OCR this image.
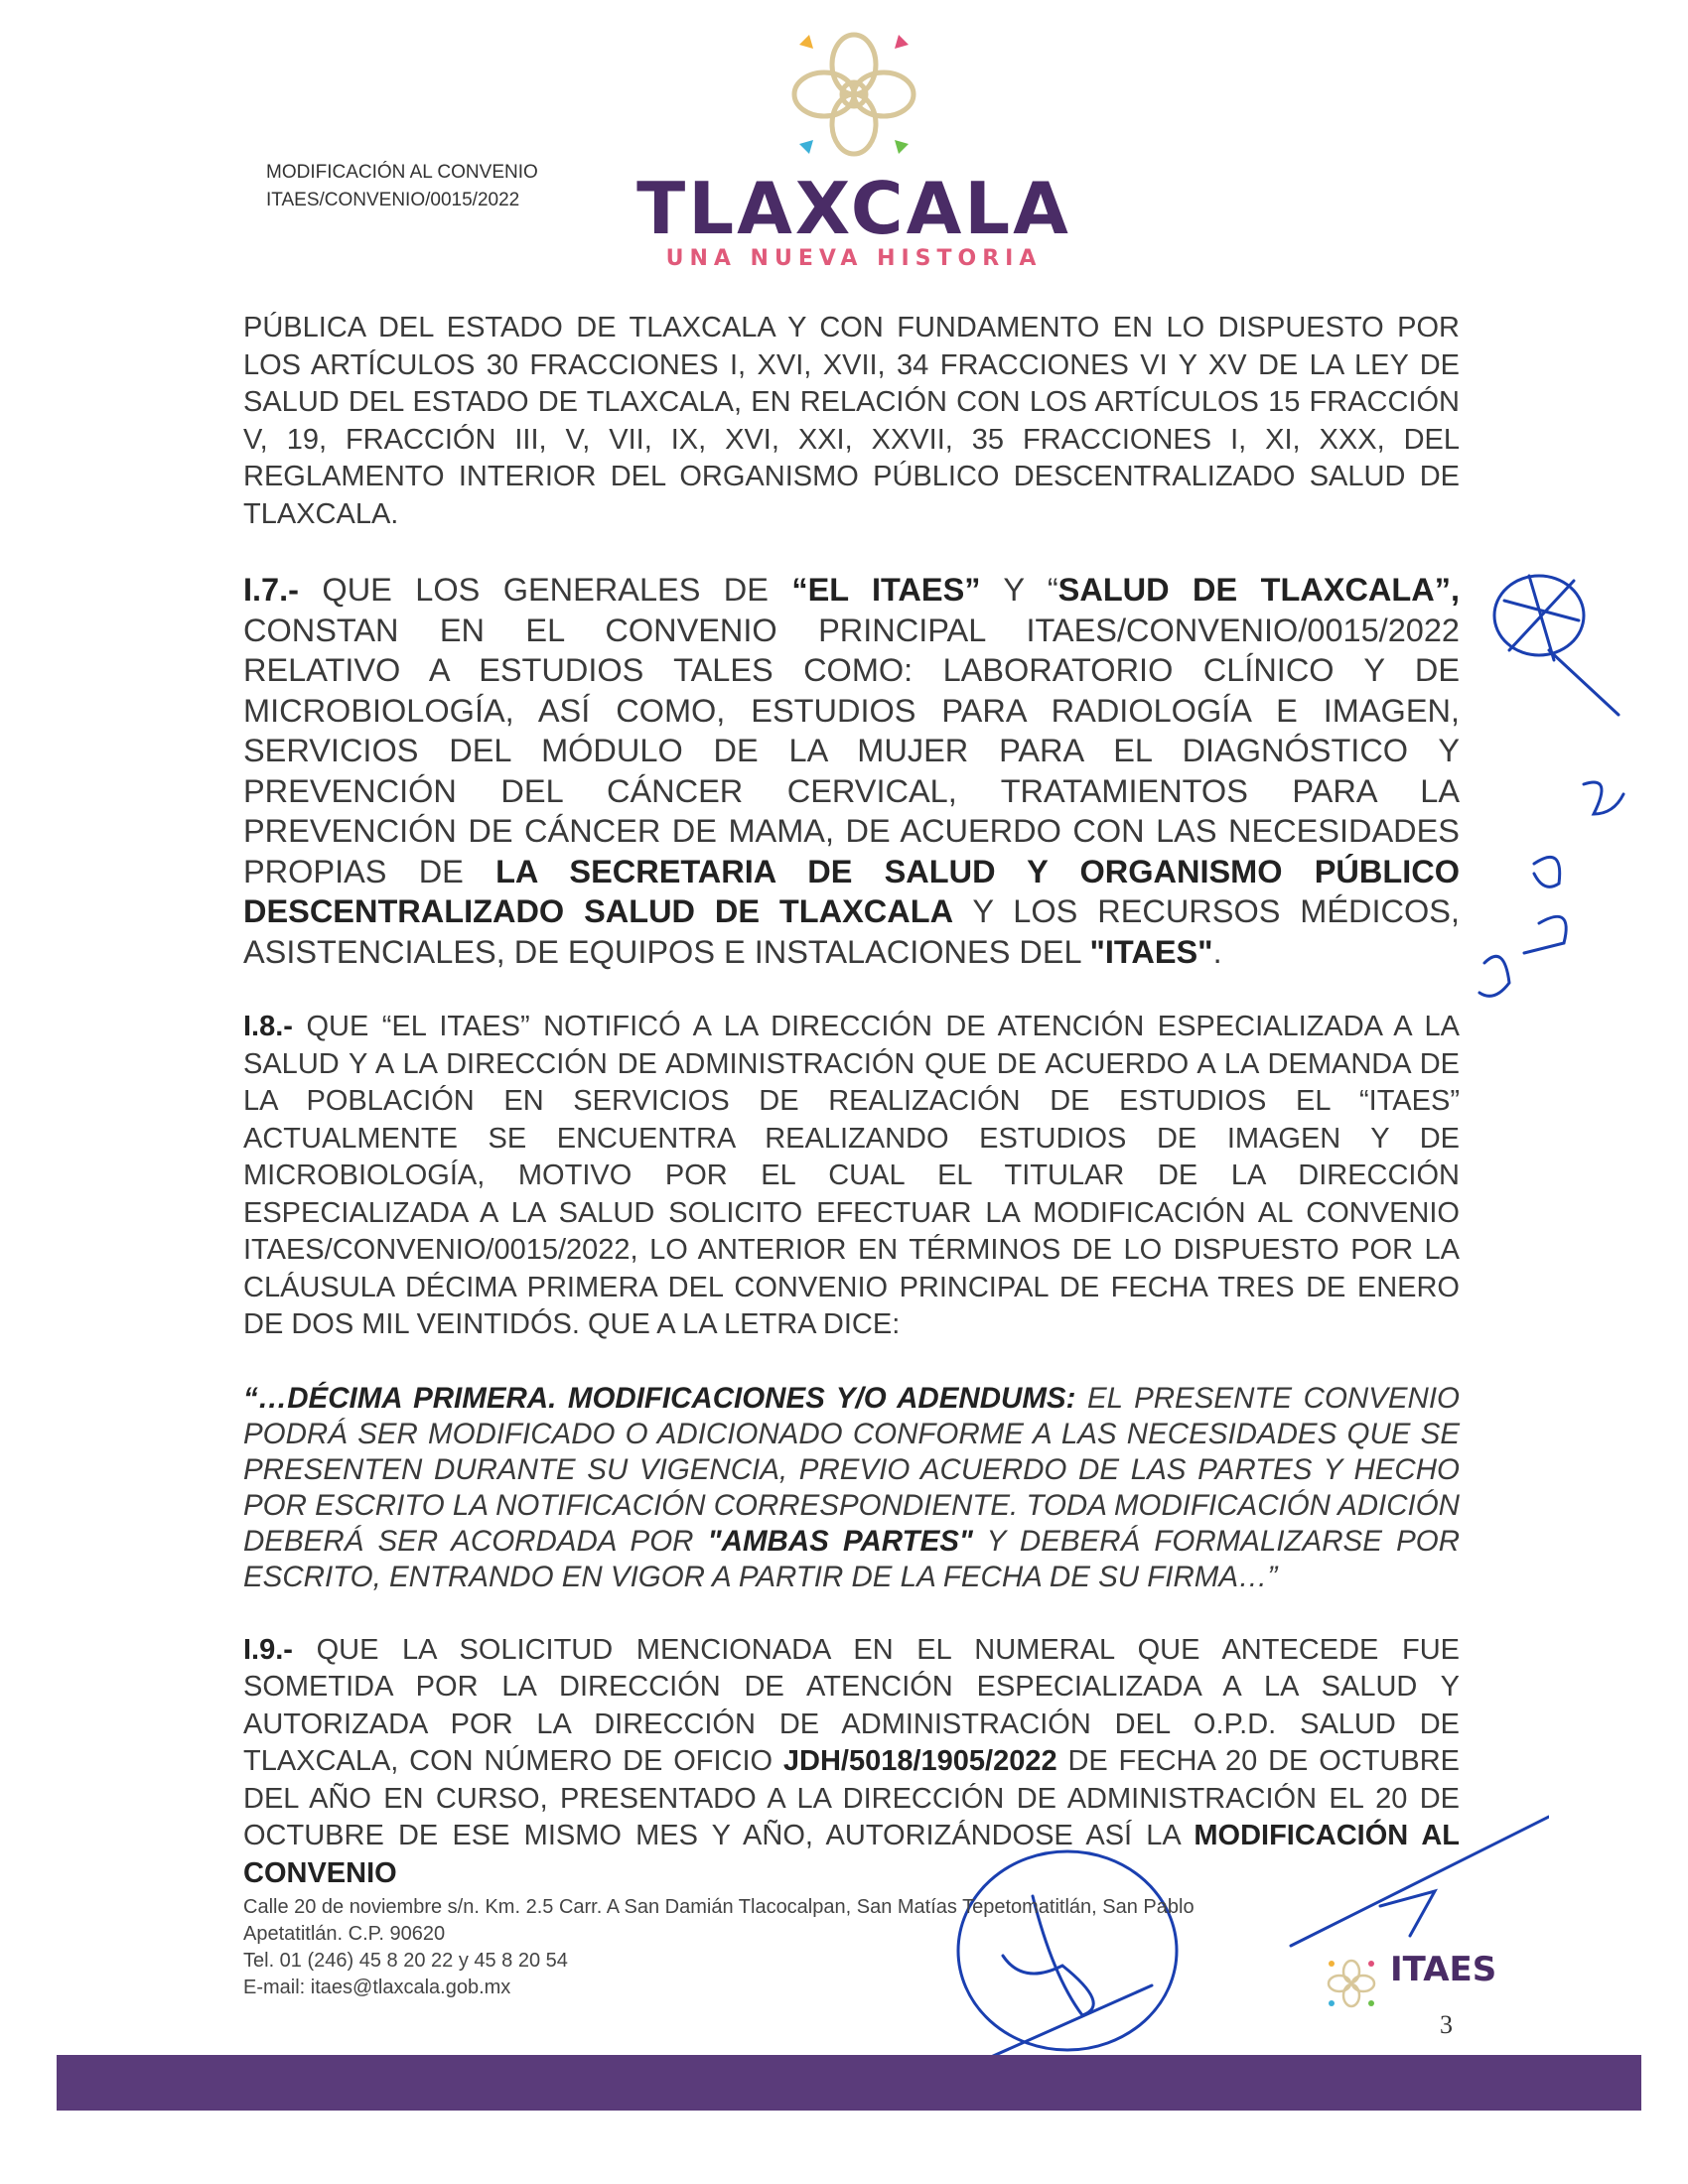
MODIFICACIÓN AL CONVENIO
ITAES/CONVENIO/0015/2022 TLAXCALA
UNA NUEVA HISTORIA

PÚBLICA DEL ESTADO DE TLAXCALA Y CON FUNDAMENTO EN LO DISPUESTO POR LOS ARTÍCULOS 30 FRACCIONES I, XVI, XVII, 34 FRACCIONES VI Y XV DE LA LEY DE SALUD DEL ESTADO DE TLAXCALA, EN RELACIÓN CON LOS ARTÍCULOS 15 FRACCIÓN V, 19, FRACCIÓN III, V, VII, IX, XVI, XXI, XXVII, 35 FRACCIONES I, XI, XXX, DEL REGLAMENTO INTERIOR DEL ORGANISMO PÚBLICO DESCENTRALIZADO SALUD DE TLAXCALA.

I.7.- QUE LOS GENERALES DE “EL ITAES” Y “SALUD DE TLAXCALA”, CONSTAN EN EL CONVENIO PRINCIPAL ITAES/CONVENIO/0015/2022 RELATIVO A ESTUDIOS TALES COMO: LABORATORIO CLÍNICO Y DE MICROBIOLOGÍA, ASÍ COMO, ESTUDIOS PARA RADIOLOGÍA E IMAGEN, SERVICIOS DEL MÓDULO DE LA MUJER PARA EL DIAGNÓSTICO Y PREVENCIÓN DEL CÁNCER CERVICAL, TRATAMIENTOS PARA LA PREVENCIÓN DE CÁNCER DE MAMA, DE ACUERDO CON LAS NECESIDADES PROPIAS DE LA SECRETARIA DE SALUD Y ORGANISMO PÚBLICO DESCENTRALIZADO SALUD DE TLAXCALA Y LOS RECURSOS MÉDICOS, ASISTENCIALES, DE EQUIPOS E INSTALACIONES DEL "ITAES".

I.8.- QUE “EL ITAES” NOTIFICÓ A LA DIRECCIÓN DE ATENCIÓN ESPECIALIZADA A LA SALUD Y A LA DIRECCIÓN DE ADMINISTRACIÓN QUE DE ACUERDO A LA DEMANDA DE LA POBLACIÓN EN SERVICIOS DE REALIZACIÓN DE ESTUDIOS EL “ITAES” ACTUALMENTE SE ENCUENTRA REALIZANDO ESTUDIOS DE IMAGEN Y DE MICROBIOLOGÍA, MOTIVO POR EL CUAL EL TITULAR DE LA DIRECCIÓN ESPECIALIZADA A LA SALUD SOLICITO EFECTUAR LA MODIFICACIÓN AL CONVENIO ITAES/CONVENIO/0015/2022, LO ANTERIOR EN TÉRMINOS DE LO DISPUESTO POR LA CLÁUSULA DÉCIMA PRIMERA DEL CONVENIO PRINCIPAL DE FECHA TRES DE ENERO DE DOS MIL VEINTIDÓS. QUE A LA LETRA DICE:

“…DÉCIMA PRIMERA. MODIFICACIONES Y/O ADENDUMS: EL PRESENTE CONVENIO PODRÁ SER MODIFICADO O ADICIONADO CONFORME A LAS NECESIDADES QUE SE PRESENTEN DURANTE SU VIGENCIA, PREVIO ACUERDO DE LAS PARTES Y HECHO POR ESCRITO LA NOTIFICACIÓN CORRESPONDIENTE. TODA MODIFICACIÓN ADICIÓN DEBERÁ SER ACORDADA POR "AMBAS PARTES" Y DEBERÁ FORMALIZARSE POR ESCRITO, ENTRANDO EN VIGOR A PARTIR DE LA FECHA DE SU FIRMA…”

I.9.- QUE LA SOLICITUD MENCIONADA EN EL NUMERAL QUE ANTECEDE FUE SOMETIDA POR LA DIRECCIÓN DE ATENCIÓN ESPECIALIZADA A LA SALUD Y AUTORIZADA POR LA DIRECCIÓN DE ADMINISTRACIÓN DEL O.P.D. SALUD DE TLAXCALA, CON NÚMERO DE OFICIO JDH/5018/1905/2022 DE FECHA 20 DE OCTUBRE DEL AÑO EN CURSO, PRESENTADO A LA DIRECCIÓN DE ADMINISTRACIÓN EL 20 DE OCTUBRE DE ESE MISMO MES Y AÑO, AUTORIZÁNDOSE ASÍ LA MODIFICACIÓN AL CONVENIO

Calle 20 de noviembre s/n. Km. 2.5 Carr. A San Damián Tlacocalpan, San Matías Tepetomatitlán, San Pablo
Apetatitlán. C.P. 90620
Tel. 01 (246) 45 8 20 22 y 45 8 20 54
E-mail: itaes@tlaxcala.gob.mx	ITAES
3
